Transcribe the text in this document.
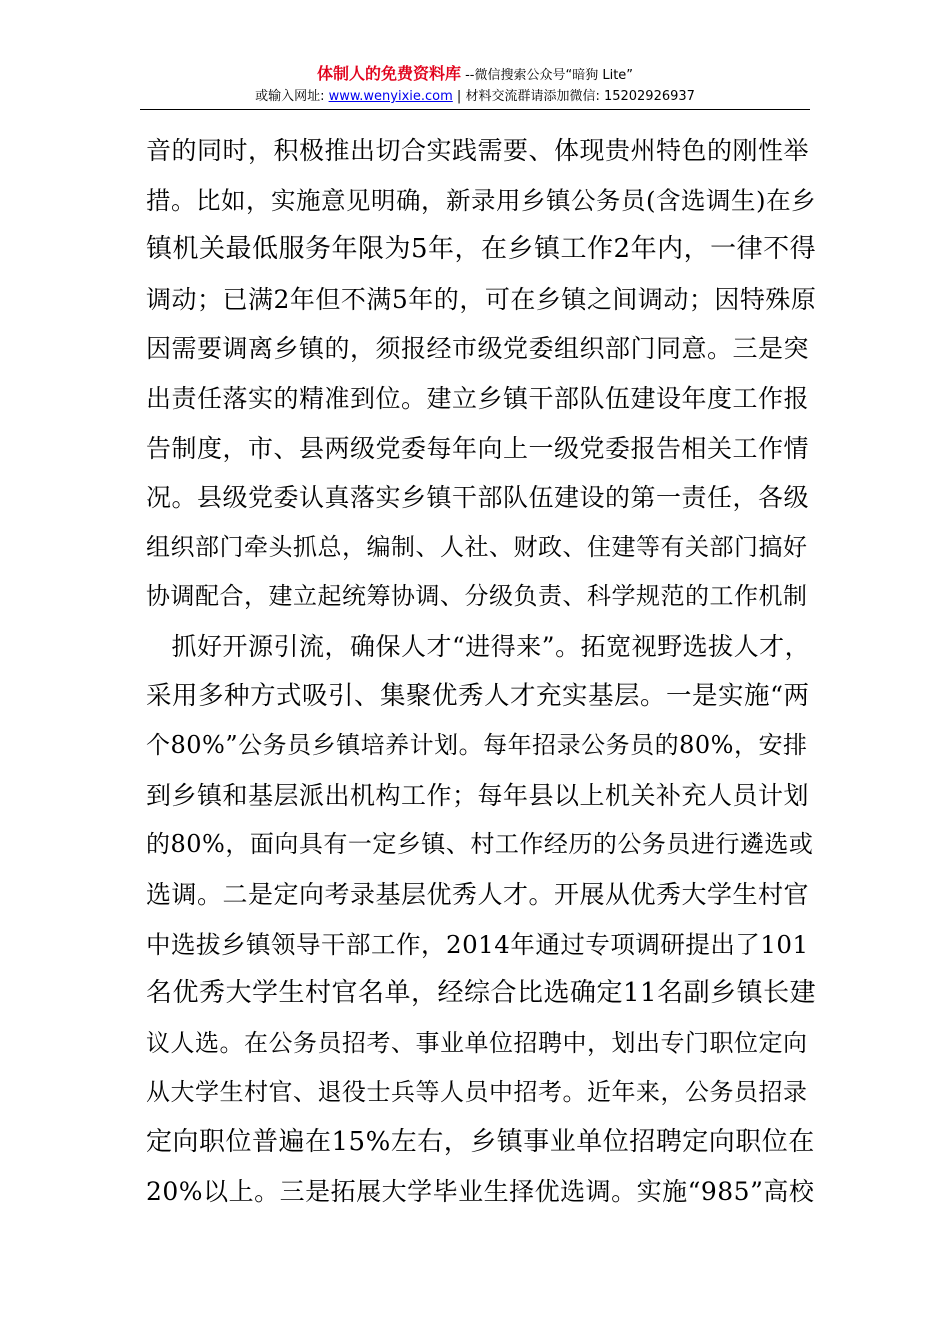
体制人的免费资料库 --微信搜索公众号“暗狗 Lite”
或输入网址: www.wenyixie.com | 材料交流群请添加微信: 15202926937
音的同时，积极推出切合实践需要、体现贵州特色的刚性举
措。比如，实施意见明确，新录用乡镇公务员(含选调生)在乡
镇机关最低服务年限为5年，在乡镇工作2年内，一律不得
调动；已满2年但不满5年的，可在乡镇之间调动；因特殊原
因需要调离乡镇的，须报经市级党委组织部门同意。三是突
出责任落实的精准到位。建立乡镇干部队伍建设年度工作报
告制度，市、县两级党委每年向上一级党委报告相关工作情
况。县级党委认真落实乡镇干部队伍建设的第一责任，各级
组织部门牵头抓总，编制、人社、财政、住建等有关部门搞好
协调配合，建立起统筹协调、分级负责、科学规范的工作机制
　抓好开源引流，确保人才“进得来”。拓宽视野选拔人才，
采用多种方式吸引、集聚优秀人才充实基层。一是实施“两
个80%”公务员乡镇培养计划。每年招录公务员的80%，安排
到乡镇和基层派出机构工作；每年县以上机关补充人员计划
的80%，面向具有一定乡镇、村工作经历的公务员进行遴选或
选调。二是定向考录基层优秀人才。开展从优秀大学生村官
中选拔乡镇领导干部工作，2014年通过专项调研提出了101
名优秀大学生村官名单，经综合比选确定11名副乡镇长建
议人选。在公务员招考、事业单位招聘中，划出专门职位定向
从大学生村官、退役士兵等人员中招考。近年来，公务员招录
定向职位普遍在15%左右，乡镇事业单位招聘定向职位在
20%以上。三是拓展大学毕业生择优选调。实施“985”高校
